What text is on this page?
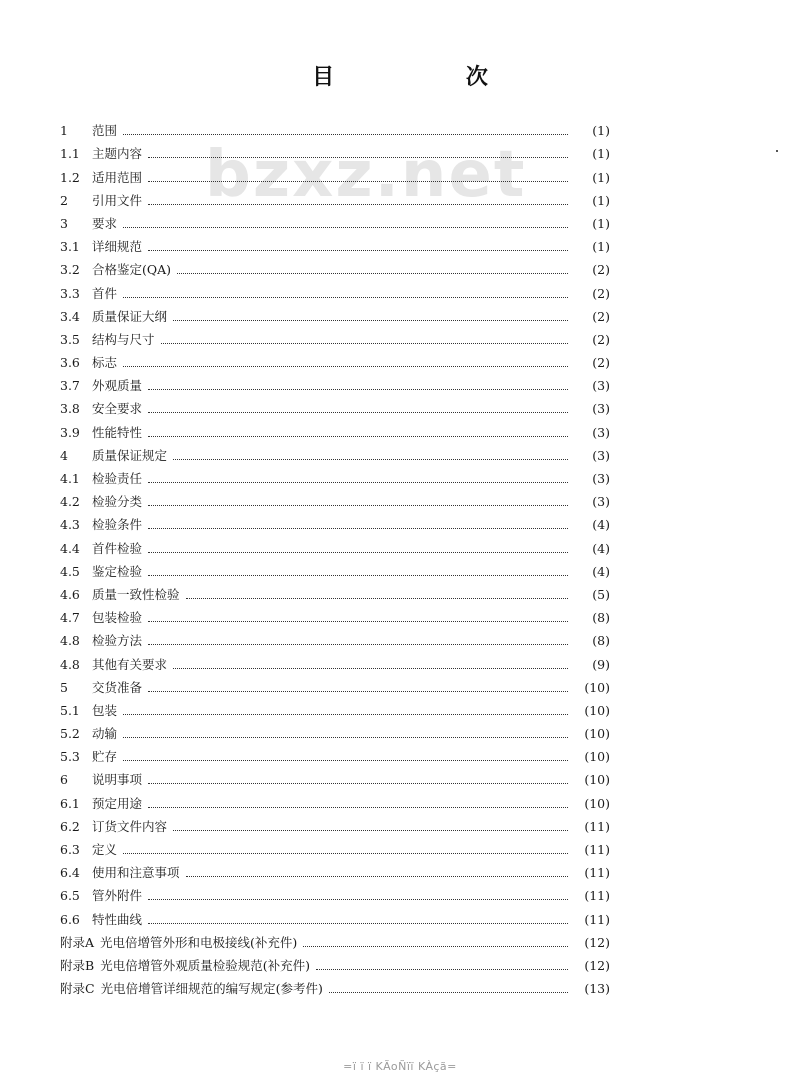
bzxz.net
目 次
1	范围	(1)
1.1 主题内容	(1)
1.2 适用范围	(1)
2	引用文件	(1)
3	要求	(1)
3.1 详细规范	(1)
3.2 合格鉴定(QA)	(2)
3.3 首件	(2)
3.4 质量保证大纲	(2)
3.5 结构与尺寸	(2)
3.6 标志	(2)
3.7 外观质量	(3)
3.8 安全要求	(3)
3.9 性能特性	(3)
4	质量保证规定	(3)
4.1 检验责任	(3)
4.2 检验分类	(3)
4.3 检验条件	(4)
4.4 首件检验	(4)
4.5 鉴定检验	(4)
4.6 质量一致性检验	(5)
4.7 包装检验	(8)
4.8 检验方法	(8)
4.8 其他有关要求	(9)
5	交货准备	(10)
5.1 包装	(10)
5.2 动输	(10)
5.3 贮存	(10)
6	说明事项	(10)
6.1 预定用途	(10)
6.2 订货文件内容	(11)
6.3 定义	(11)
6.4 使用和注意事项	(11)
6.5 管外附件	(11)
6.6 特性曲线	(11)
附录A 光电倍增管外形和电极接线(补充件)	(12)
附录B 光电倍增管外观质量检验规范(补充件)	(12)
附录C 光电倍增管详细规范的编写规定(参考件)	(13)
=ï ï ï KÃoÑïï KÀçã=
